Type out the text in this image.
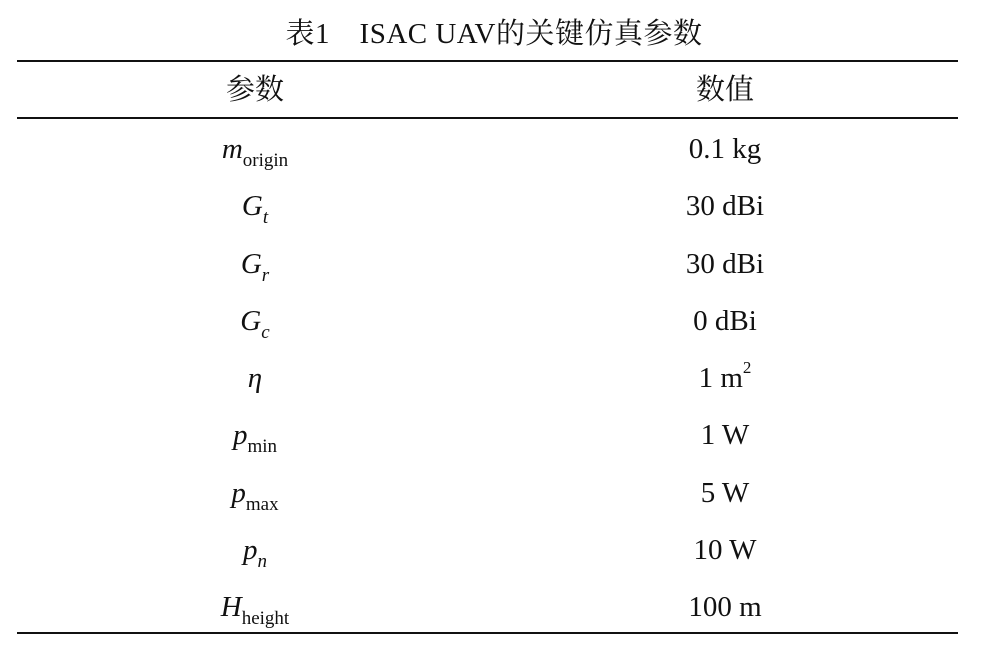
表1　ISAC UAV的关键仿真参数
参数	数值
$m_{origin}$	0.1 kg
$G_t$	30 dBi
$G_r$	30 dBi
$G_c$	0 dBi
η	1 $m^2$
$p_{min}$	1 W
$p_{max}$	5 W
$p_n$	10 W
$H_{height}$	100 m
